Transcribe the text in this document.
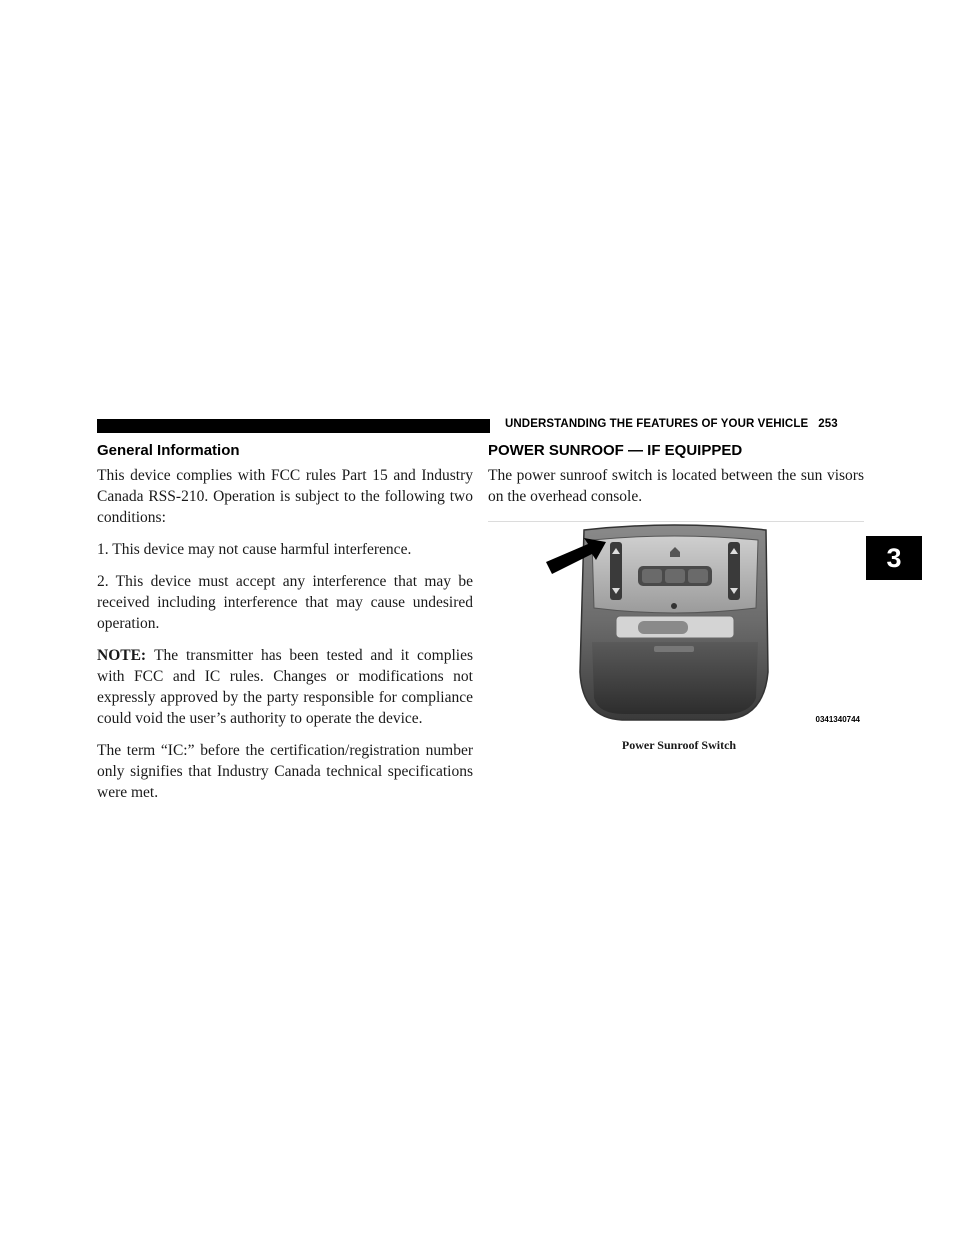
UNDERSTANDING THE FEATURES OF YOUR VEHICLE 253
General Information

This device complies with FCC rules Part 15 and Industry Canada RSS-210. Operation is subject to the following two conditions:

1. This device may not cause harmful interference.

2. This device must accept any interference that may be received including interference that may cause undesired operation.

NOTE: The transmitter has been tested and it complies with FCC and IC rules. Changes or modifications not expressly approved by the party responsible for compliance could void the user’s authority to operate the device.

The term “IC:” before the certification/registration number only signifies that Industry Canada technical specifications were met.

POWER SUNROOF — IF EQUIPPED

The power sunroof switch is located between the sun visors on the overhead console.

0341340744
Power Sunroof Switch
3
